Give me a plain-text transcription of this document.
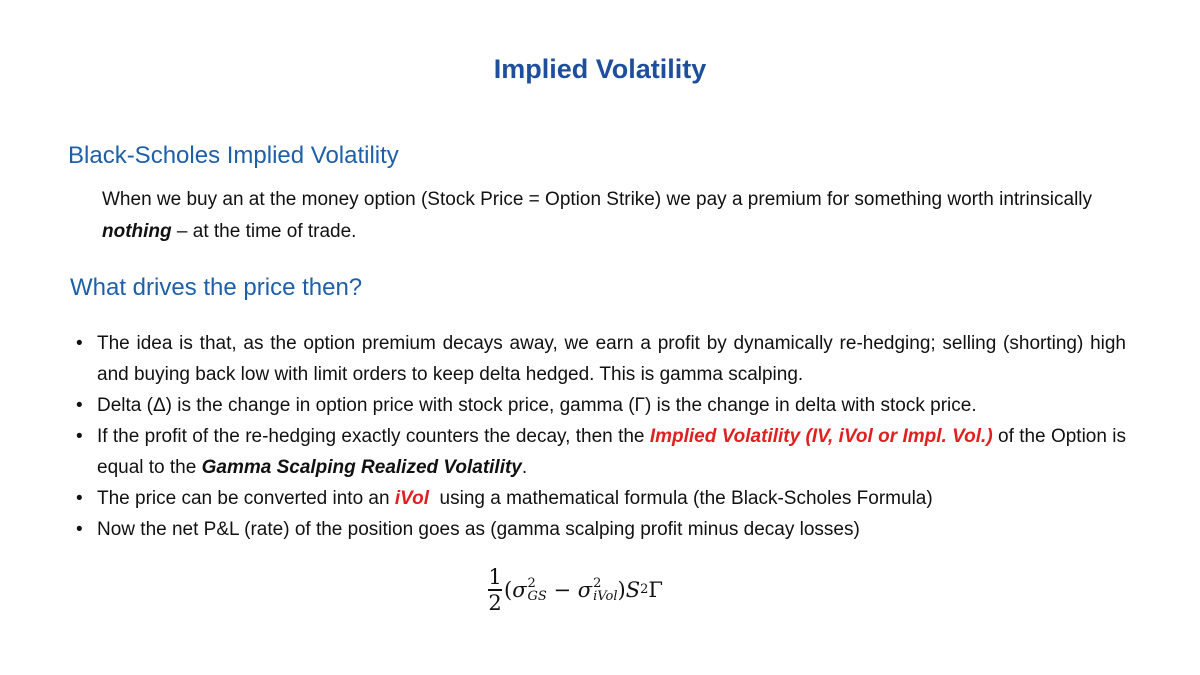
Implied Volatility
Black-Scholes Implied Volatility
When we buy an at the money option (Stock Price = Option Strike) we pay a premium for something worth intrinsically nothing – at the time of trade.
What drives the price then?
• The idea is that, as the option premium decays away, we earn a profit by dynamically re-hedging; selling (shorting) high and buying back low with limit orders to keep delta hedged. This is gamma scalping.
• Delta (Δ) is the change in option price with stock price, gamma (Γ) is the change in delta with stock price.
• If the profit of the re-hedging exactly counters the decay, then the Implied Volatility (IV, iVol or Impl. Vol.) of the Option is equal to the Gamma Scalping Realized Volatility.
• The price can be converted into an iVol  using a mathematical formula (the Black-Scholes Formula)
• Now the net P&L (rate) of the position goes as (gamma scalping profit minus decay losses)
$\frac{1}{2}$ ( σ 2
GS − σ 2
iVol ) S 2 Γ
